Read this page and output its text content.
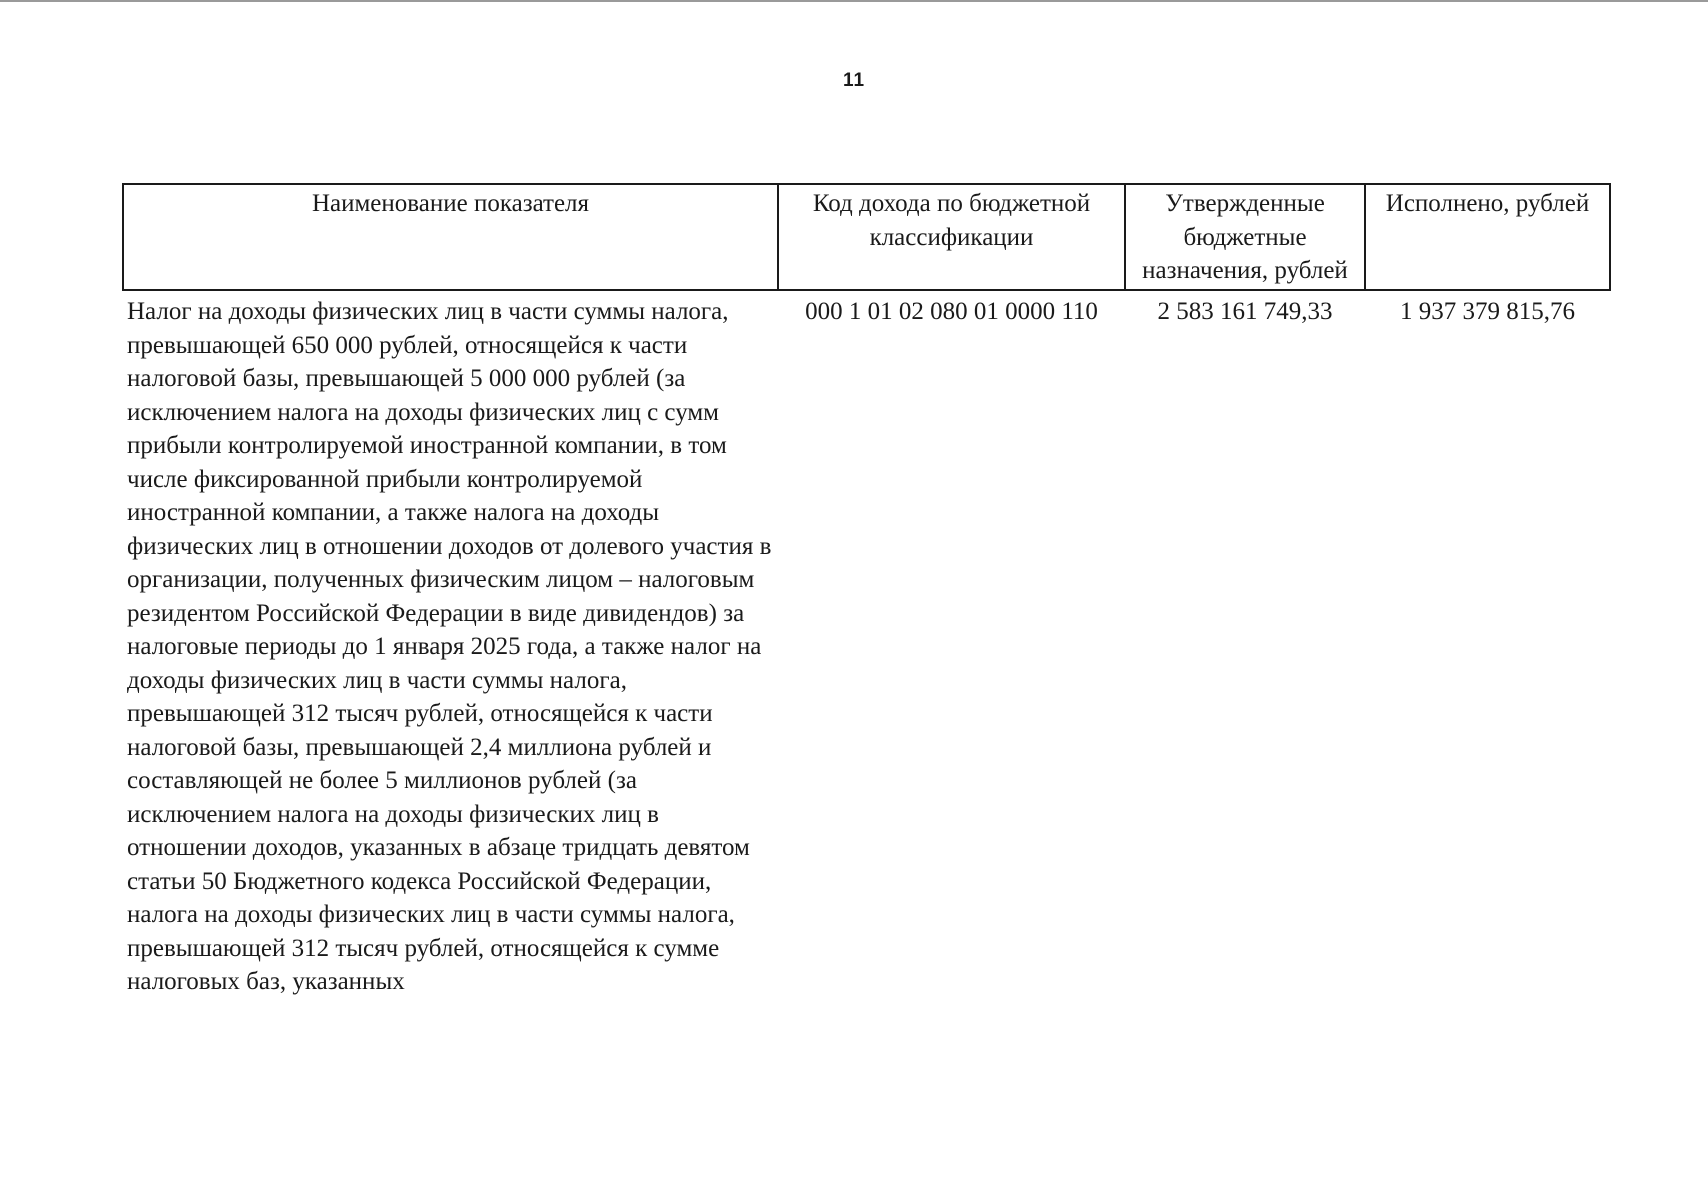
11
Наименование показателя	Код дохода по бюджетной классификации	Утвержденные бюджетные назначения, рублей	Исполнено, рублей
Налог на доходы физических лиц в части суммы налога, превышающей 650 000 рублей, относящейся к части налоговой базы, превышающей 5 000 000 рублей (за исключением налога на доходы физических лиц с сумм прибыли контролируемой иностранной компании, в том числе фиксированной прибыли контролируемой иностранной компании, а также налога на доходы физических лиц в отношении доходов от долевого участия в организации, полученных физическим лицом – налоговым резидентом Российской Федерации в виде дивидендов) за налоговые периоды до 1 января 2025 года, а также налог на доходы физических лиц в части суммы налога, превышающей 312 тысяч рублей, относящейся к части налоговой базы, превышающей 2,4 миллиона рублей и составляющей не более 5 миллионов рублей (за исключением налога на доходы физических лиц в отношении доходов, указанных в абзаце тридцать девятом статьи 50 Бюджетного кодекса Российской Федерации, налога на доходы физических лиц в части суммы налога, превышающей 312 тысяч рублей, относящейся к сумме налоговых баз, указанных	000 1 01 02 080 01 0000 110	2 583 161 749,33	1 937 379 815,76
